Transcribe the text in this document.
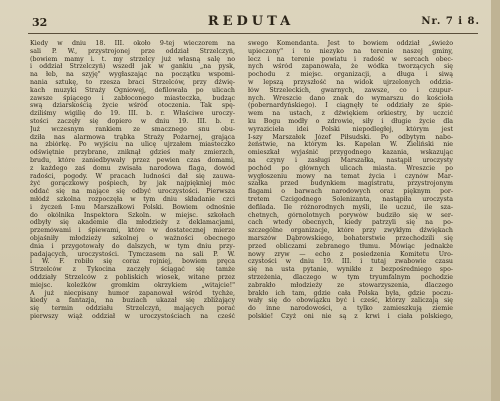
32	REDUTA	Nr. 7 i 8.
Kiedy w dniu 18. III. około 9-tej wieczorem na
sali P. W., przystrojonej prze oddział Strzelczyń,
(bowiem mamy i. t. my strzelcy już własną salę no
i oddział Strzelczyń) wszedł jak w gankiu „na pysk,
na łeb, na szyję" wygłaszając na początku wspomi-
nania sztukę, to rzesza braci Strzelców, przy dźwię-
kach muzyki Straży Ogniowej, defilowała po ulicach
zawsze śpiącego i zabłoconego miasteczka, budząc
swą dziarskością życie wśród otoczenia. Tak spę-
dziliśmy wigilię do 19. III. b. r. Właściwe uroczy-
stości zaczęły się dopiero w dniu 19. III. b. r.
Już wczesnym rankiem ze smacznego snu obu-
dziła nas alarmowa trąbka Straży Pożarnej, grająca
na zbiórkę. Po wyjściu na ulicę ujrzałem miasteczko
odświętnie przybrane, zniknął gdzieś mały zmierzch,
brudu, które zaniedbywały przez pewien czas domami,
z każdego zaś domu zwisała narodowa flaga, dowód
radości, pogody. W pracach ludności dał się zauwa-
żyć gorączkowy pośpiech, by jak najpiękniej móc
oddać się na mające się odbyć uroczystości. Pierwsza
młódź szkolna rozpoczęła w tym dniu składanie czci
i życzeń I-mu Marszałkowi Polski. Bowiem odnośnie
do okólnika Inspektora Szkoln. w miejsc. szkołach
odbyły się akademie dla młodzieży z deklamacjami,
przemówami i śpiewami, które w dostatecznej mierze
objaśniły młodzieży szkolnej o ważności obecnego
dnia i przygotowały do dalszych, w tym dniu przy-
padających, uroczystości. Tymczasem na sali P. W.
i W. F. robiło się coraz rojniej, bowiem pręca
Strzelców z Tykocina zaczęły ściągać się tamże
oddziały Strzelców z pobliskich wiosek, witane przez
miejsc. koleżków gromkim okrzykiem „witajcie!"
A już niecpisany humor zapanował wśród tychże,
kiedy a fantazja, na buziach ukazał się zbliżający
się termin oddziału Strzelczyń, mających porać
pierwszy wiąż oddział w uroczystościach na cześć
swego Komendanta. Jest to bowiem oddział „świeżo
upieczony" i to niezyko na terenie naszej gminy,
lecz i na terenie powiatu i radość w sercach obec-
nych wśród zapanowała, że wódka tworzących się
pochodu z miejsc. organizacji, a długa i siwą
w lepszą przyszłość na widok ujrzelonych oddzia-
łów Strzeleckich, gwarnych, zawsze, co i czupur-
nych. Wreszcie dano znak do wymarszu do kościoła
(pobernardyńskiego). I ciągnęły te oddziały ze śpie-
wem na ustach, z dźwiękiem orkiestry, by uczcić
ku Bogu modły o zdrowie, siły i długie życie dla
wyrazicieła idei Polski niepodległej, którym jest
I-szy Marszałek Józef Piłsudski. Po odbytym nabo-
żeństwie, na którym ks. Kapelan W. Zieliński nie
omieszkał wyjaśnić przygodnego kazania, wskazując
na czyny i zasługi Marszałka, nastąpił uroczysty
pochód po głównych ulicach miasta. Wreszcie po
wygłoszeniu mowy na temat życia i czynów Mar-
szałka przed budynkiem magistratu, przystrojonym
flagami o barwach narodowych oraz pięknym por-
tretem Czcigodnego Solenizanta, nastąpiła uroczysta
defilada. Ile różnorodnych myśli, ile uczuć, ile sza-
chetnych, górnolotnych porywów budziło się w ser-
cach wtedy obecnych, kiedy patrzyli się na po-
szczególne organizacje, które przy zwykłym dźwiękach
marszów Dąbrowskiego, bohaterstwie przechodzili się
przed obliczami zebranego tłumu. Mówiąc jednakże
nowy zryw — echo z posiedzenia Komitetu Uro-
czystości w dniu 19. III. i tutaj zwabowie czasu
się na usta pytanie, wynikłe z bezpośredniego spo-
strzeżenia, dlaczego w tym tryumfalnym pochodzie
zabrakło młodzieży ze stowarzyszenia, dlaczego
brakło ich tam, gdzie cała Polska była, gdzie poczu-
wały się do obowiązku być i cześć, którzy zaliczają się
do inne narodowości, a tylko zamieszkują ziemie
polskie! Czyż oni nie są z krwi i ciała polskiego,
